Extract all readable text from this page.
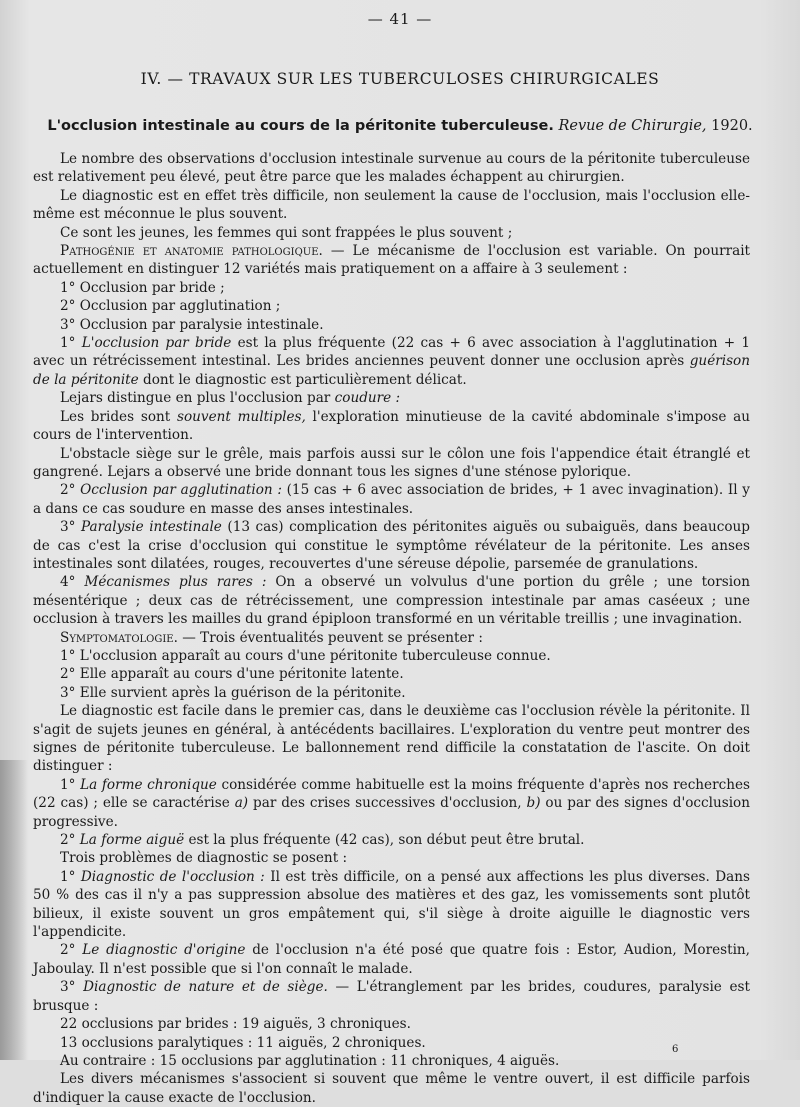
— 41 —
IV. — TRAVAUX SUR LES TUBERCULOSES CHIRURGICALES
L'occlusion intestinale au cours de la péritonite tuberculeuse. Revue de Chirurgie, 1920.

Le nombre des observations d'occlusion intestinale survenue au cours de la péritonite tuberculeuse est relativement peu élevé, peut être parce que les malades échappent au chirurgien.

Le diagnostic est en effet très difficile, non seulement la cause de l'occlusion, mais l'occlusion elle-même est méconnue le plus souvent.

Ce sont les jeunes, les femmes qui sont frappées le plus souvent ;

Pathogénie et anatomie pathologique. — Le mécanisme de l'occlusion est variable. On pourrait actuellement en distinguer 12 variétés mais pratiquement on a affaire à 3 seulement :

1° Occlusion par bride ;

2° Occlusion par agglutination ;

3° Occlusion par paralysie intestinale.

1° L'occlusion par bride est la plus fréquente (22 cas + 6 avec association à l'agglutination + 1 avec un rétrécissement intestinal. Les brides anciennes peuvent donner une occlusion après guérison de la péritonite dont le diagnostic est particulièrement délicat.

Lejars distingue en plus l'occlusion par coudure :

Les brides sont souvent multiples, l'exploration minutieuse de la cavité abdominale s'impose au cours de l'intervention.

L'obstacle siège sur le grêle, mais parfois aussi sur le côlon une fois l'appendice était étranglé et gangrené. Lejars a observé une bride donnant tous les signes d'une sténose pylorique.

2° Occlusion par agglutination : (15 cas + 6 avec association de brides, + 1 avec invagination). Il y a dans ce cas soudure en masse des anses intestinales.

3° Paralysie intestinale (13 cas) complication des péritonites aiguës ou subaiguës, dans beaucoup de cas c'est la crise d'occlusion qui constitue le symptôme révélateur de la péritonite. Les anses intestinales sont dilatées, rouges, recouvertes d'une séreuse dépolie, parsemée de granulations.

4° Mécanismes plus rares : On a observé un volvulus d'une portion du grêle ; une torsion mésentérique ; deux cas de rétrécissement, une compression intestinale par amas caséeux ; une occlusion à travers les mailles du grand épiploon transformé en un véritable treillis ; une invagination.

Symptomatologie. — Trois éventualités peuvent se présenter :

1° L'occlusion apparaît au cours d'une péritonite tuberculeuse connue.

2° Elle apparaît au cours d'une péritonite latente.

3° Elle survient après la guérison de la péritonite.

Le diagnostic est facile dans le premier cas, dans le deuxième cas l'occlusion révèle la péritonite. Il s'agit de sujets jeunes en général, à antécédents bacillaires. L'exploration du ventre peut montrer des signes de péritonite tuberculeuse. Le ballonnement rend difficile la constatation de l'ascite. On doit distinguer :

1° La forme chronique considérée comme habituelle est la moins fréquente d'après nos recherches (22 cas) ; elle se caractérise a) par des crises successives d'occlusion, b) ou par des signes d'occlusion progressive.

2° La forme aiguë est la plus fréquente (42 cas), son début peut être brutal.

Trois problèmes de diagnostic se posent :

1° Diagnostic de l'occlusion : Il est très difficile, on a pensé aux affections les plus diverses. Dans 50 % des cas il n'y a pas suppression absolue des matières et des gaz, les vomissements sont plutôt bilieux, il existe souvent un gros empâtement qui, s'il siège à droite aiguille le diagnostic vers l'appendicite.

2° Le diagnostic d'origine de l'occlusion n'a été posé que quatre fois : Estor, Audion, Morestin, Jaboulay. Il n'est possible que si l'on connaît le malade.

3° Diagnostic de nature et de siège. — L'étranglement par les brides, coudures, paralysie est brusque :

22 occlusions par brides : 19 aiguës, 3 chroniques.

13 occlusions paralytiques : 11 aiguës, 2 chroniques.

Au contraire : 15 occlusions par agglutination : 11 chroniques, 4 aiguës.

Les divers mécanismes s'associent si souvent que même le ventre ouvert, il est difficile parfois d'indiquer la cause exacte de l'occlusion.

6
